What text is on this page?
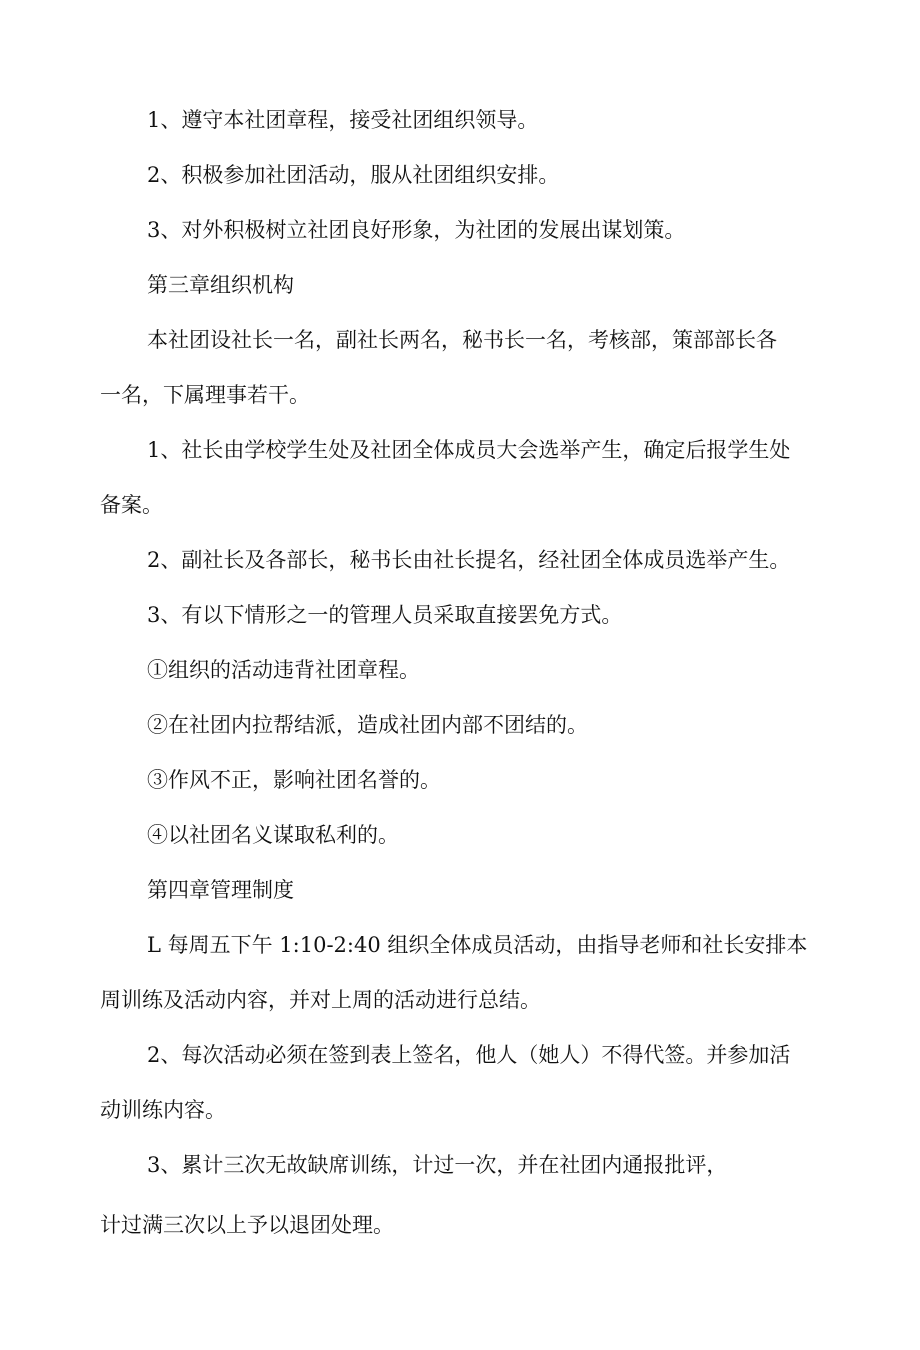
1、遵守本社团章程，接受社团组织领导。
2、积极参加社团活动，服从社团组织安排。
3、对外积极树立社团良好形象，为社团的发展出谋划策。
第三章组织机构
本社团设社长一名，副社长两名，秘书长一名，考核部，策部部长各
一名，下属理事若干。
1、社长由学校学生处及社团全体成员大会选举产生，确定后报学生处
备案。
2、副社长及各部长，秘书长由社长提名，经社团全体成员选举产生。
3、有以下情形之一的管理人员采取直接罢免方式。
①组织的活动违背社团章程。
②在社团内拉帮结派，造成社团内部不团结的。
③作风不正，影响社团名誉的。
④以社团名义谋取私利的。
第四章管理制度
L 每周五下午 1:10-2:40 组织全体成员活动，由指导老师和社长安排本
周训练及活动内容，并对上周的活动进行总结。
2、每次活动必须在签到表上签名，他人（她人）不得代签。并参加活
动训练内容。
3、累计三次无故缺席训练，计过一次，并在社团内通报批评，
计过满三次以上予以退团处理。
